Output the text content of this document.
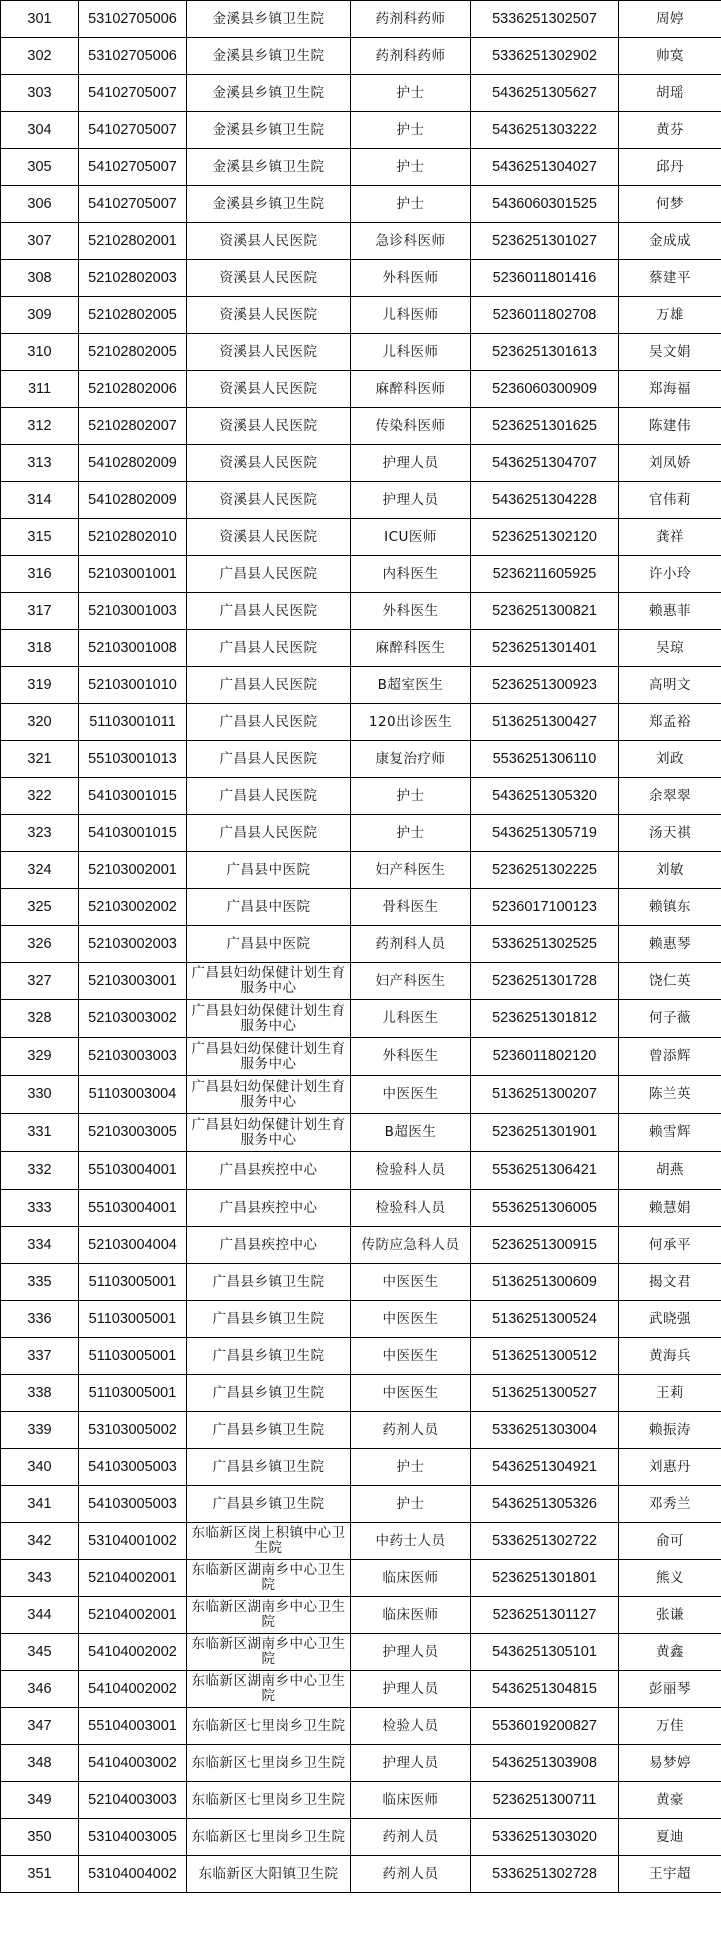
301	53102705006	金溪县乡镇卫生院	药剂科药师	5336251302507	周婷
302	53102705006	金溪县乡镇卫生院	药剂科药师	5336251302902	帅寞
303	54102705007	金溪县乡镇卫生院	护士	5436251305627	胡瑶
304	54102705007	金溪县乡镇卫生院	护士	5436251303222	黄芬
305	54102705007	金溪县乡镇卫生院	护士	5436251304027	邱丹
306	54102705007	金溪县乡镇卫生院	护士	5436060301525	何梦
307	52102802001	资溪县人民医院	急诊科医师	5236251301027	金成成
308	52102802003	资溪县人民医院	外科医师	5236011801416	蔡建平
309	52102802005	资溪县人民医院	儿科医师	5236011802708	万雄
310	52102802005	资溪县人民医院	儿科医师	5236251301613	吴文娟
311	52102802006	资溪县人民医院	麻醉科医师	5236060300909	郑海福
312	52102802007	资溪县人民医院	传染科医师	5236251301625	陈建伟
313	54102802009	资溪县人民医院	护理人员	5436251304707	刘凤娇
314	54102802009	资溪县人民医院	护理人员	5436251304228	官伟莉
315	52102802010	资溪县人民医院	ICU医师	5236251302120	龚祥
316	52103001001	广昌县人民医院	内科医生	5236211605925	许小玲
317	52103001003	广昌县人民医院	外科医生	5236251300821	赖惠菲
318	52103001008	广昌县人民医院	麻醉科医生	5236251301401	吴琼
319	52103001010	广昌县人民医院	B超室医生	5236251300923	高明文
320	51103001011	广昌县人民医院	120出诊医生	5136251300427	郑孟裕
321	55103001013	广昌县人民医院	康复治疗师	5536251306110	刘政
322	54103001015	广昌县人民医院	护士	5436251305320	余翠翠
323	54103001015	广昌县人民医院	护士	5436251305719	汤天祺
324	52103002001	广昌县中医院	妇产科医生	5236251302225	刘敏
325	52103002002	广昌县中医院	骨科医生	5236017100123	赖镇东
326	52103002003	广昌县中医院	药剂科人员	5336251302525	赖惠琴
327	52103003001	广昌县妇幼保健计划生育服务中心	妇产科医生	5236251301728	饶仁英
328	52103003002	广昌县妇幼保健计划生育服务中心	儿科医生	5236251301812	何子薇
329	52103003003	广昌县妇幼保健计划生育服务中心	外科医生	5236011802120	曾添辉
330	51103003004	广昌县妇幼保健计划生育服务中心	中医医生	5136251300207	陈兰英
331	52103003005	广昌县妇幼保健计划生育服务中心	B超医生	5236251301901	赖雪辉
332	55103004001	广昌县疾控中心	检验科人员	5536251306421	胡燕
333	55103004001	广昌县疾控中心	检验科人员	5536251306005	赖慧娟
334	52103004004	广昌县疾控中心	传防应急科人员	5236251300915	何承平
335	51103005001	广昌县乡镇卫生院	中医医生	5136251300609	揭文君
336	51103005001	广昌县乡镇卫生院	中医医生	5136251300524	武晓强
337	51103005001	广昌县乡镇卫生院	中医医生	5136251300512	黄海兵
338	51103005001	广昌县乡镇卫生院	中医医生	5136251300527	王莉
339	53103005002	广昌县乡镇卫生院	药剂人员	5336251303004	赖振涛
340	54103005003	广昌县乡镇卫生院	护士	5436251304921	刘惠丹
341	54103005003	广昌县乡镇卫生院	护士	5436251305326	邓秀兰
342	53104001002	东临新区岗上积镇中心卫生院	中药士人员	5336251302722	俞可
343	52104002001	东临新区湖南乡中心卫生院	临床医师	5236251301801	熊义
344	52104002001	东临新区湖南乡中心卫生院	临床医师	5236251301127	张谦
345	54104002002	东临新区湖南乡中心卫生院	护理人员	5436251305101	黄鑫
346	54104002002	东临新区湖南乡中心卫生院	护理人员	5436251304815	彭丽琴
347	55104003001	东临新区七里岗乡卫生院	检验人员	5536019200827	万佳
348	54104003002	东临新区七里岗乡卫生院	护理人员	5436251303908	易梦婷
349	52104003003	东临新区七里岗乡卫生院	临床医师	5236251300711	黄豪
350	53104003005	东临新区七里岗乡卫生院	药剂人员	5336251303020	夏迪
351	53104004002	东临新区大阳镇卫生院	药剂人员	5336251302728	王宇超
